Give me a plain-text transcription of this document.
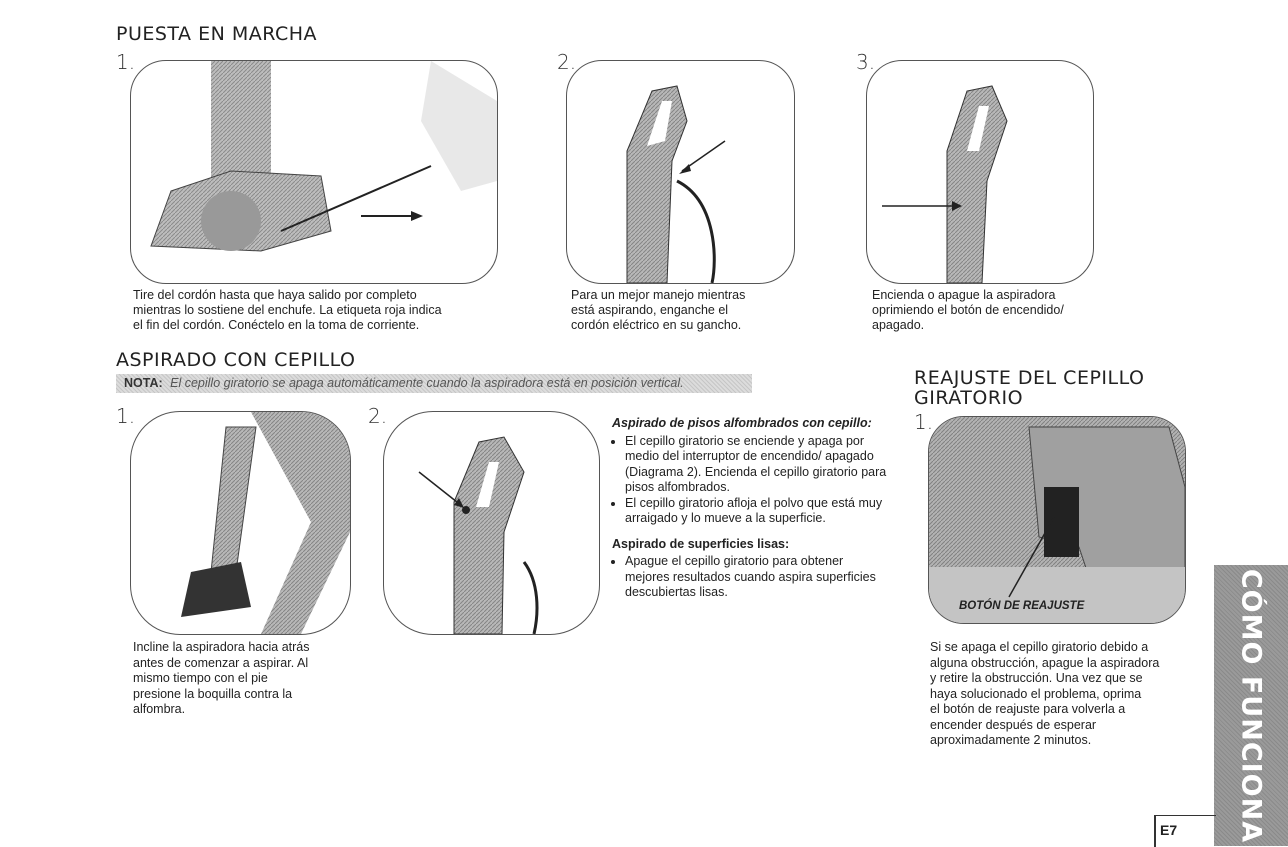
PUESTA EN MARCHA
1.

Tire del cordón hasta que haya salido por completo
mientras lo sostiene del enchufe. La etiqueta roja indica
el fin del cordón. Conéctelo en la toma de corriente.

2.

Para un mejor manejo mientras
está aspirando, enganche el
cordón eléctrico en su gancho.

3.

Encienda o apague la aspiradora
oprimiendo el botón de encendido/
apagado.

ASPIRADO CON CEPILLO
NOTA: El cepillo giratorio se apaga automáticamente cuando la aspiradora está en posición vertical.
1.

Incline la aspiradora hacia atrás
antes de comenzar a aspirar. Al
mismo tiempo con el pie
presione la boquilla contra la
alfombra.

2.	Aspirado de pisos alfombrados con cepillo:

• El cepillo giratorio se enciende y apaga por medio del interruptor de encendido/ apagado (Diagrama 2). Encienda el cepillo giratorio para pisos alfombrados.
• El cepillo giratorio afloja el polvo que está muy arraigado y lo mueve a la superficie.

Aspirado de superficies lisas:

• Apague el cepillo giratorio para obtener mejores resultados cuando aspira superficies descubiertas lisas.
REAJUSTE DEL CEPILLO
GIRATORIO
1.
BOTÓN DE REAJUSTE

Si se apaga el cepillo giratorio debido a
alguna obstrucción, apague la aspiradora
y retire la obstrucción. Una vez que se
haya solucionado el problema, oprima
el botón de reajuste para volverla a
encender después de esperar
aproximadamente 2 minutos.	CÓMO FUNCIONA
E7
